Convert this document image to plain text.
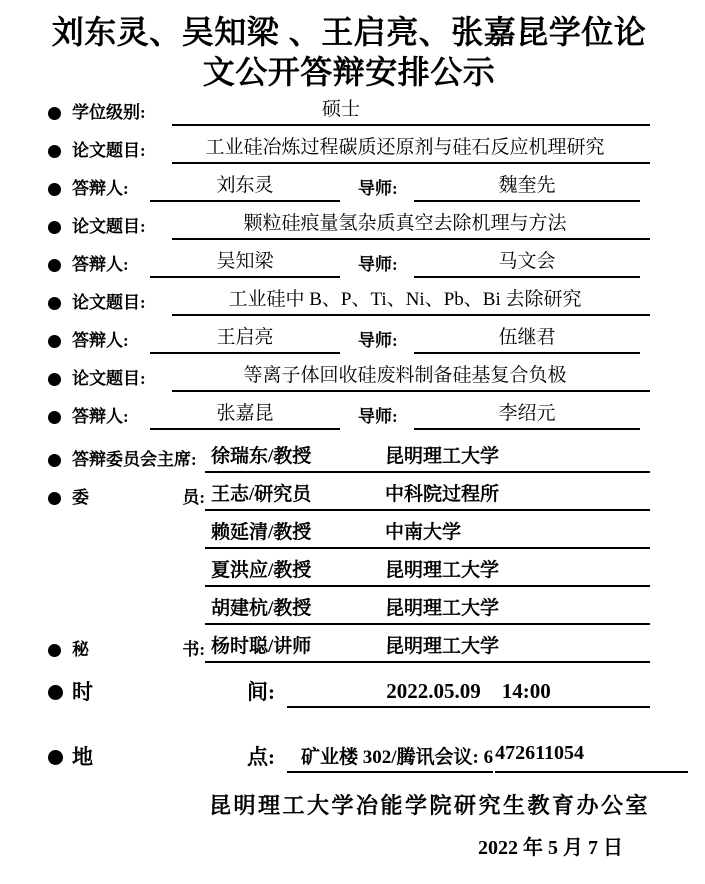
刘东灵、吴知梁 、王启亮、张嘉昆学位论
文公开答辩安排公示
学位级别:	硕士
论文题目:	工业硅冶炼过程碳质还原剂与硅石反应机理研究
答辩人:	刘东灵	导师:	魏奎先
论文题目:	颗粒硅痕量氢杂质真空去除机理与方法
答辩人:	吴知梁	导师:	马文会
论文题目:	工业硅中 B、P、Ti、Ni、Pb、Bi 去除研究
答辩人:	王启亮	导师:	伍继君
论文题目:	等离子体回收硅废料制备硅基复合负极
答辩人:	张嘉昆	导师:	李绍元
答辩委员会主席: 徐瑞东/教授	昆明理工大学
委	员: 王志/研究员	中科院过程所
赖延清/教授	中南大学
夏洪应/教授	昆明理工大学
胡建杭/教授	昆明理工大学
秘	书: 杨时聪/讲师	昆明理工大学
时	间:	2022.05.09　14:00
地	点:	矿业楼 302/腾讯会议: 6 472611054
昆明理工大学冶能学院研究生教育办公室
2022 年 5 月 7 日
